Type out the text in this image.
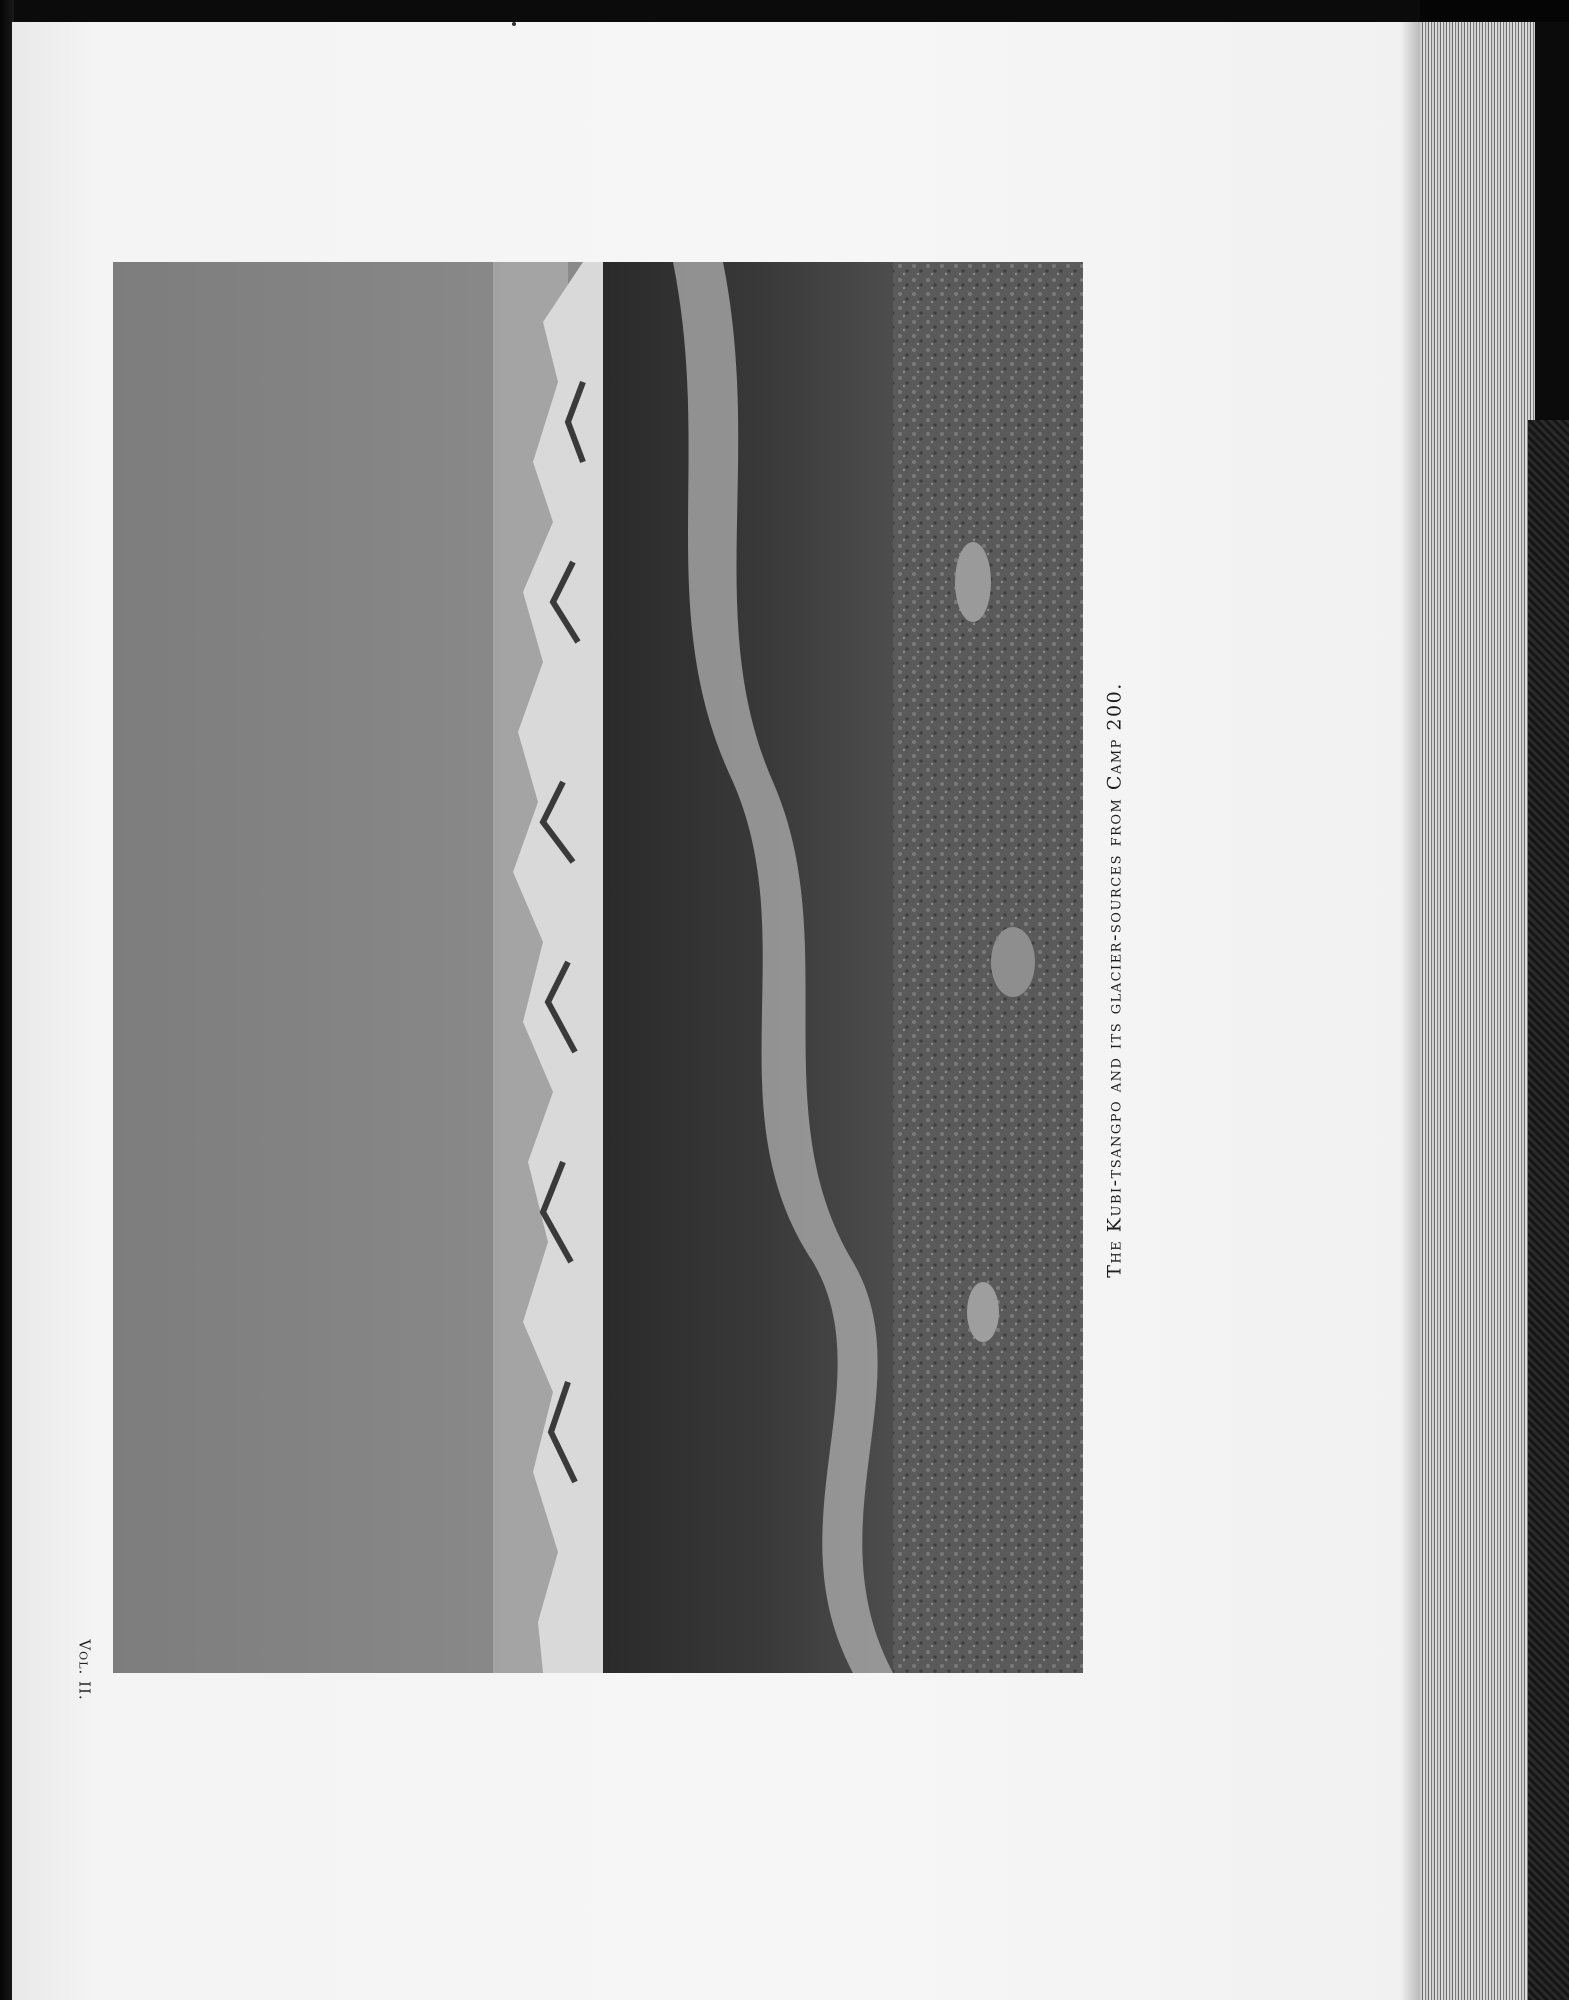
Vol. II.
The Kubi-tsangpo and its glacier-sources from Camp 200.
